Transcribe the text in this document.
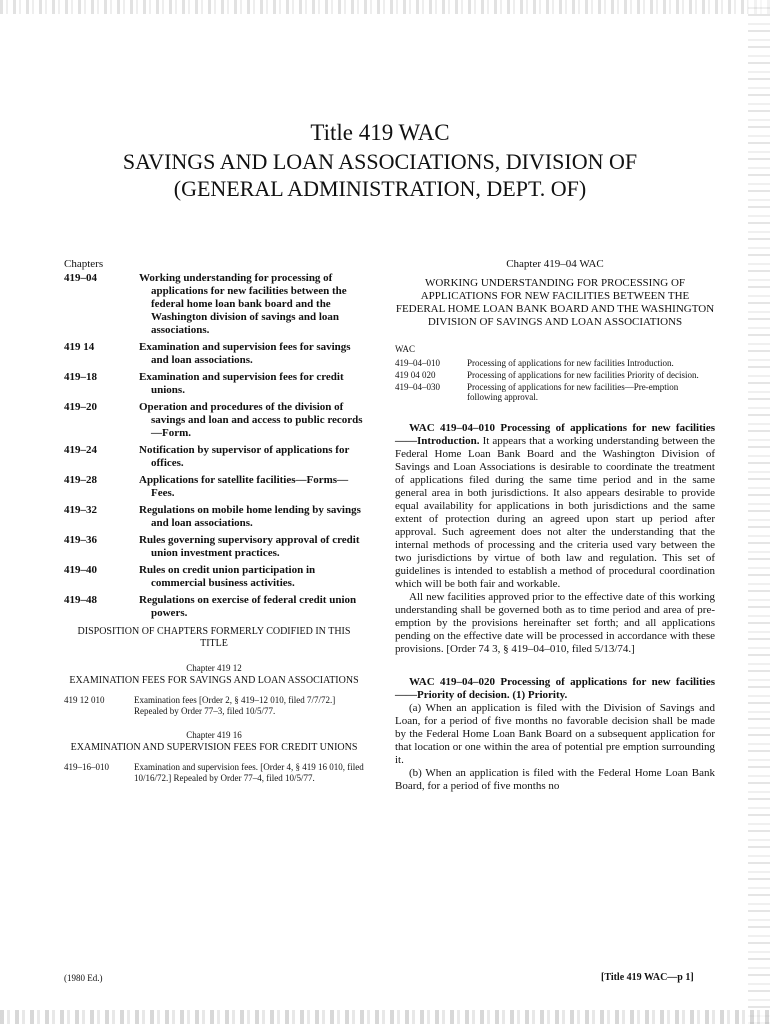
Title 419 WAC
SAVINGS AND LOAN ASSOCIATIONS, DIVISION OF
(GENERAL ADMINISTRATION, DEPT. OF)
Chapters
419–04	Working understanding for processing of applications for new facilities between the federal home loan bank board and the Washington division of savings and loan associations.
419 14	Examination and supervision fees for savings and loan associations.
419–18	Examination and supervision fees for credit unions.
419–20	Operation and procedures of the division of savings and loan and access to public records—Form.
419–24	Notification by supervisor of applications for offices.
419–28	Applications for satellite facilities—Forms—Fees.
419–32	Regulations on mobile home lending by savings and loan associations.
419–36	Rules governing supervisory approval of credit union investment practices.
419–40	Rules on credit union participation in commercial business activities.
419–48	Regulations on exercise of federal credit union powers.
DISPOSITION OF CHAPTERS FORMERLY CODIFIED IN THIS TITLE
Chapter 419 12
EXAMINATION FEES FOR SAVINGS AND LOAN ASSOCIATIONS
419 12 010	Examination fees [Order 2, § 419–12 010, filed 7/7/72.] Repealed by Order 77–3, filed 10/5/77.
Chapter 419 16
EXAMINATION AND SUPERVISION FEES FOR CREDIT UNIONS
419–16–010	Examination and supervision fees. [Order 4, § 419 16 010, filed 10/16/72.] Repealed by Order 77–4, filed 10/5/77.
Chapter 419–04 WAC
WORKING UNDERSTANDING FOR PROCESSING OF APPLICATIONS FOR NEW FACILITIES BETWEEN THE FEDERAL HOME LOAN BANK BOARD AND THE WASHINGTON DIVISION OF SAVINGS AND LOAN ASSOCIATIONS
WAC
419–04–010	Processing of applications for new facilities Introduction.
419 04 020	Processing of applications for new facilities Priority of decision.
419–04–030	Processing of applications for new facilities—Pre-emption following approval.

WAC 419–04–010 Processing of applications for new facilities——Introduction. It appears that a working understanding between the Federal Home Loan Bank Board and the Washington Division of Savings and Loan Associations is desirable to coordinate the treatment of applications filed during the same time period and in the same general area in both jurisdictions. It also appears desirable to provide equal availability for applications in both jurisdictions and the same extent of protection during an agreed upon start up period after approval. Such agreement does not alter the understanding that the internal methods of processing and the criteria used vary between the two jurisdictions by virtue of both law and regulation. This set of guidelines is intended to establish a method of procedural coordination which will be both fair and workable.

All new facilities approved prior to the effective date of this working understanding shall be governed both as to time period and area of pre-emption by the provisions hereinafter set forth; and all applications pending on the effective date will be processed in accordance with these provisions. [Order 74 3, § 419–04–010, filed 5/13/74.]

WAC 419–04–020 Processing of applications for new facilities——Priority of decision. (1) Priority.

(a) When an application is filed with the Division of Savings and Loan, for a period of five months no favorable decision shall be made by the Federal Home Loan Bank Board on a subsequent application for that location or one within the area of potential pre emption surrounding it.

(b) When an application is filed with the Federal Home Loan Bank Board, for a period of five months no

(1980 Ed.)	[Title 419 WAC—p 1]
